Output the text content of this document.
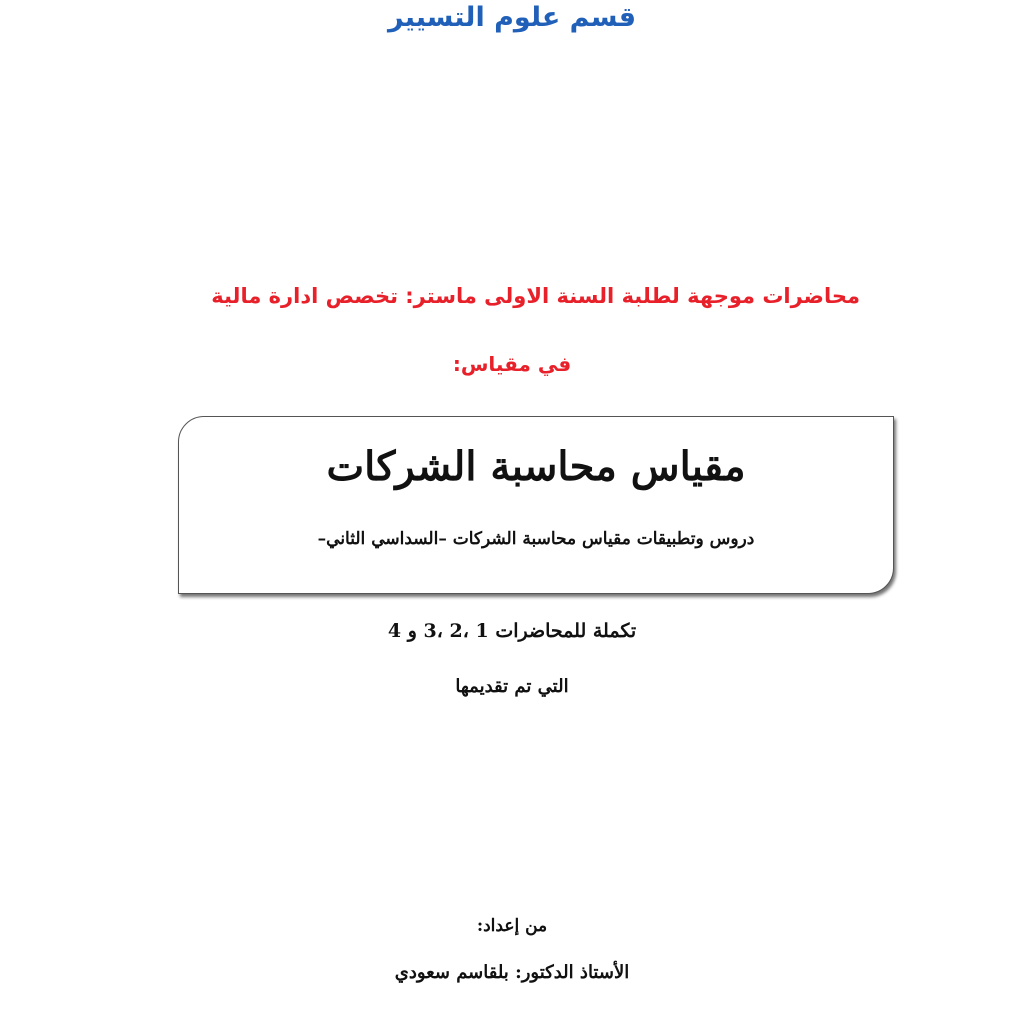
قسم علوم التسيير
محاضرات موجهة لطلبة السنة الاولى ماستر: تخصص ادارة مالية
في مقياس:
مقياس محاسبة الشركات
دروس وتطبيقات مقياس محاسبة الشركات –السداسي الثاني–
تكملة للمحاضرات 1 ،2 ،3 و 4
التي تم تقديمها
من إعداد:
الأستاذ الدكتور: بلقاسم سعودي
